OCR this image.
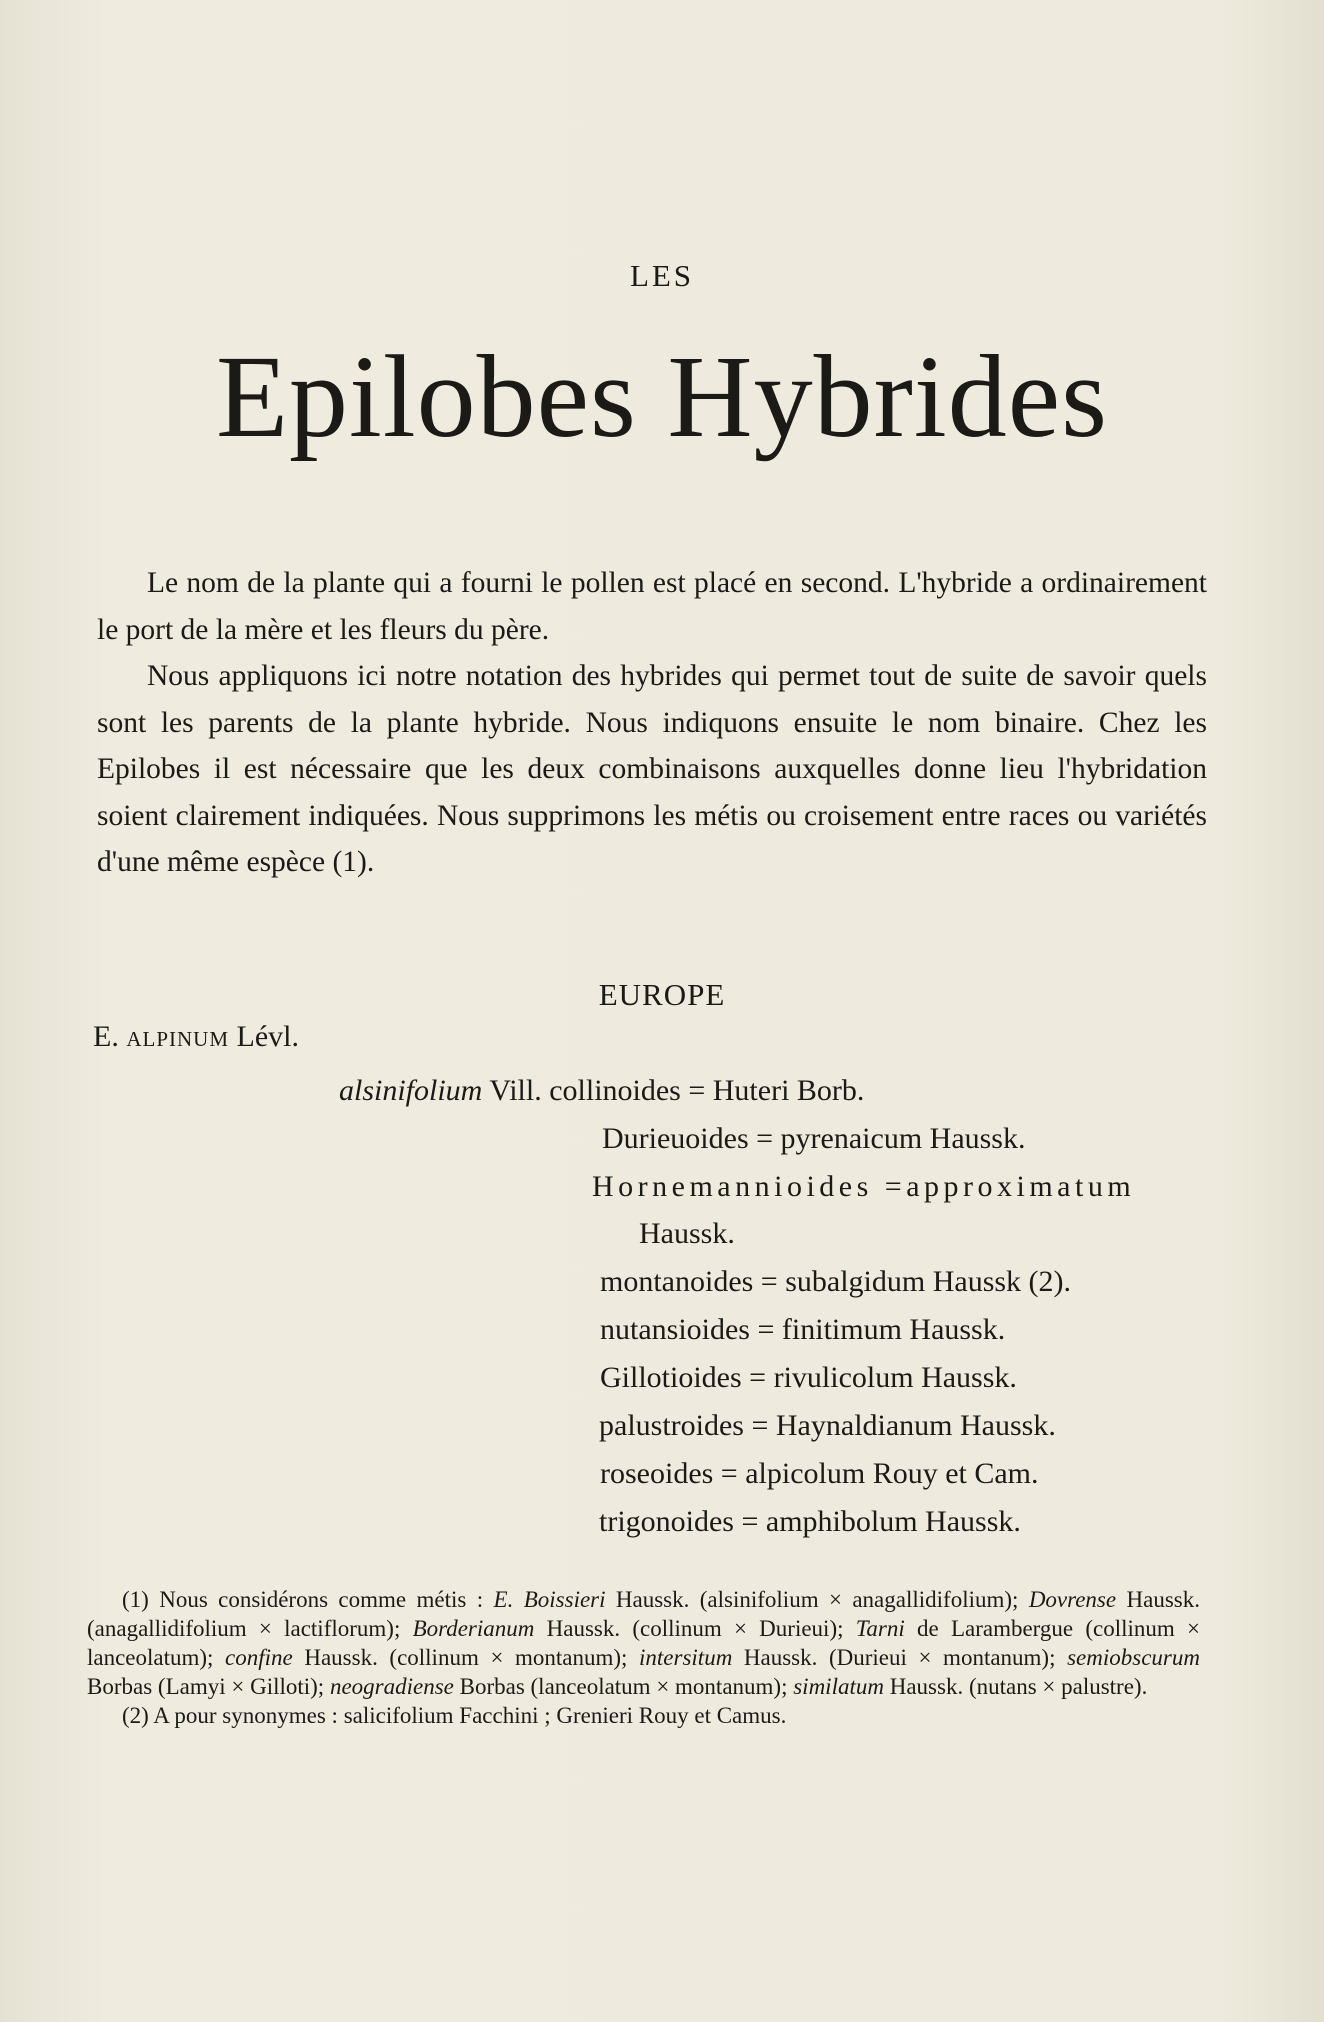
LES
Epilobes Hybrides

Le nom de la plante qui a fourni le pollen est placé en second. L'hybride a ordinairement le port de la mère et les fleurs du père.

Nous appliquons ici notre notation des hybrides qui permet tout de suite de savoir quels sont les parents de la plante hybride. Nous indiquons ensuite le nom binaire. Chez les Epilobes il est nécessaire que les deux combinaisons auxquelles donne lieu l'hybridation soient clairement indiquées. Nous supprimons les métis ou croisement entre races ou variétés d'une même espèce (1).

EUROPE
E. ALPINUM Lévl.
alsinifolium Vill. collinoides = Huteri Borb.
Durieuoides = pyrenaicum Haussk.
Hornemannioides =approximatum
Haussk.
montanoides = subalgidum Haussk (2).
nutansioides = finitimum Haussk.
Gillotioides = rivulicolum Haussk.
palustroides = Haynaldianum Haussk.
roseoides = alpicolum Rouy et Cam.
trigonoides = amphibolum Haussk.

(1) Nous considérons comme métis : E. Boissieri Haussk. (alsinifolium × anagallidifolium); Dovrense Haussk. (anagallidifolium × lactiflorum); Borderianum Haussk. (collinum × Durieui); Tarni de Larambergue (collinum × lanceolatum); confine Haussk. (collinum × montanum); intersitum Haussk. (Durieui × montanum); semiobscurum Borbas (Lamyi × Gilloti); neogradiense Borbas (lanceolatum × montanum); similatum Haussk. (nutans × palustre).

(2) A pour synonymes : salicifolium Facchini ; Grenieri Rouy et Camus.
